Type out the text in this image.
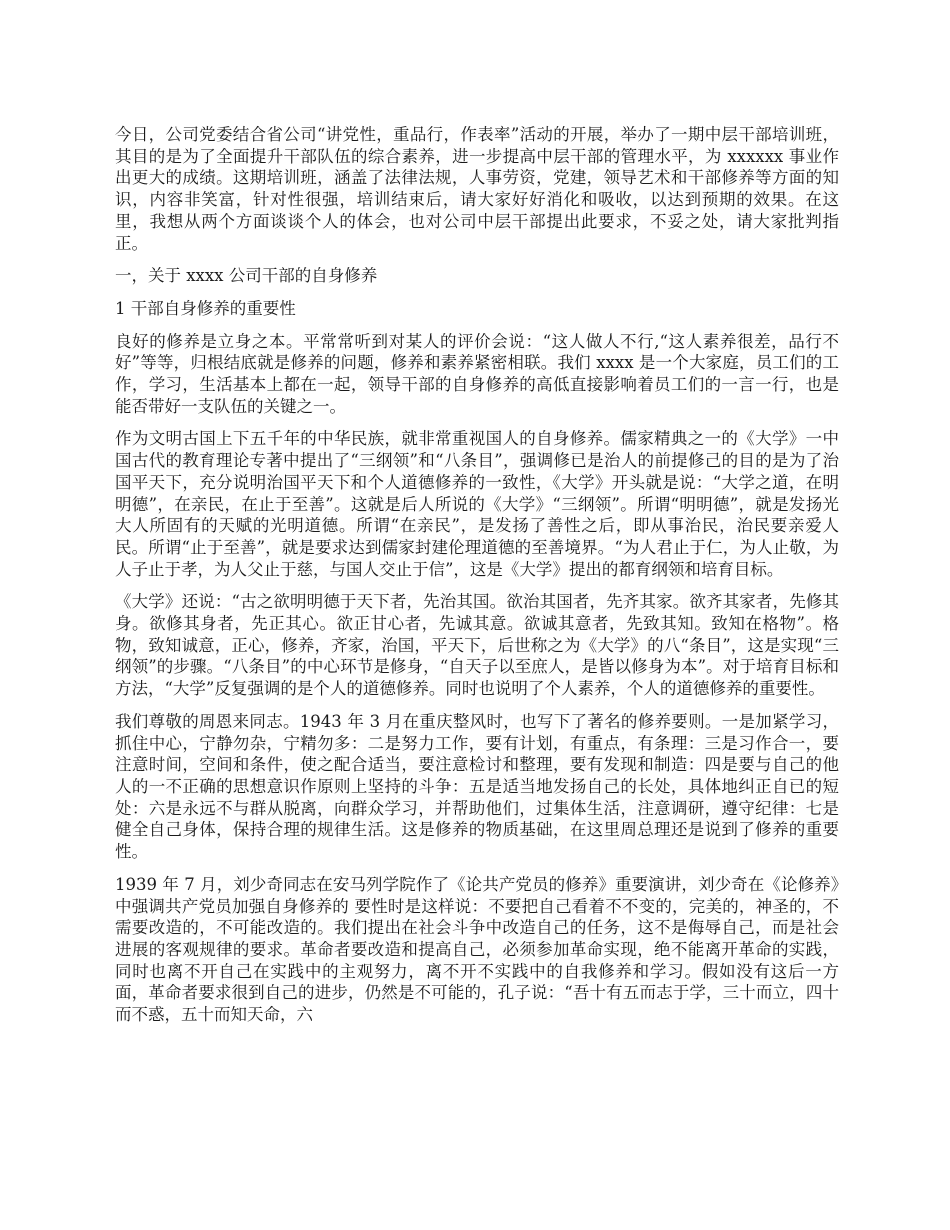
今日，公司党委结合省公司“讲党性，重品行，作表率”活动的开展，举办了一期中层干部培训班，其目的是为了全面提升干部队伍的综合素养，进一步提高中层干部的管理水平，为 xxxxxx 事业作出更大的成绩。这期培训班，涵盖了法律法规，人事劳资，党建，领导艺术和干部修养等方面的知识，内容非笑富，针对性很强，培训结束后，请大家好好消化和吸收，以达到预期的效果。在这里，我想从两个方面谈谈个人的体会，也对公司中层干部提出此要求，不妥之处，请大家批判指正。

一，关于 xxxx 公司干部的自身修养

1 干部自身修养的重要性

良好的修养是立身之本。平常常听到对某人的评价会说：“这人做人不行,“这人素养很差，品行不好”等等，归根结底就是修养的问题，修养和素养紧密相联。我们 xxxx 是一个大家庭，员工们的工作，学习，生活基本上都在一起，领导干部的自身修养的高低直接影响着员工们的一言一行，也是能否带好一支队伍的关键之一。

作为文明古国上下五千年的中华民族，就非常重视国人的自身修养。儒家精典之一的《大学》一中国古代的教育理论专著中提出了“三纲领”和“八条目”，强调修已是治人的前提修己的目的是为了治国平天下，充分说明治国平天下和个人道德修养的一致性，《大学》开头就是说：“大学之道，在明明德”，在亲民，在止于至善”。这就是后人所说的《大学》“三纲领”。所谓“明明德”，就是发扬光大人所固有的天赋的光明道德。所谓“在亲民”，是发扬了善性之后，即从事治民，治民要亲爱人民。所谓“止于至善”，就是要求达到儒家封建伦理道德的至善境界。“为人君止于仁，为人止敬，为人子止于孝，为人父止于慈，与国人交止于信”，这是《大学》提出的都育纲领和培育目标。

《大学》还说：“古之欲明明德于天下者，先治其国。欲治其国者，先齐其家。欲齐其家者，先修其身。欲修其身者，先正其心。欲正甘心者，先诚其意。欲诚其意者，先致其知。致知在格物”。格物，致知诚意，正心，修养，齐家，治国，平天下，后世称之为《大学》的八“条目”，这是实现“三纲领”的步骤。“八条目”的中心环节是修身，“自天子以至庶人，是皆以修身为本”。对于培育目标和方法，“大学”反复强调的是个人的道德修养。同时也说明了个人素养，个人的道德修养的重要性。

我们尊敬的周恩来同志。1943 年 3 月在重庆整风时，也写下了著名的修养要则。一是加紧学习，抓住中心，宁静勿杂，宁精勿多：二是努力工作，要有计划，有重点，有条理：三是习作合一，要注意时间，空间和条件，使之配合适当，要注意检讨和整理，要有发现和制造：四是要与自己的他人的一不正确的思想意识作原则上坚持的斗争：五是适当地发扬自己的长处，具体地纠正自已的短处：六是永远不与群从脱离，向群众学习，并帮助他们，过集体生活，注意调研，遵守纪律：七是健全自己身体，保持合理的规律生活。这是修养的物质基础，在这里周总理还是说到了修养的重要性。

1939 年 7 月，刘少奇同志在安马列学院作了《论共产党员的修养》重要演讲，刘少奇在《论修养》中强调共产党员加强自身修养的 要性时是这样说：不要把自己看着不不变的，完美的，神圣的，不需要改造的，不可能改造的。我们提出在社会斗争中改造自己的任务，这不是侮辱自己，而是社会进展的客观规律的要求。革命者要改造和提高自己，必须参加革命实现，绝不能离开革命的实践，同时也离不开自己在实践中的主观努力，离不开不实践中的自我修养和学习。假如没有这后一方面，革命者要求很到自己的进步，仍然是不可能的，孔子说：“吾十有五而志于学，三十而立，四十而不惑，五十而知天命，六
